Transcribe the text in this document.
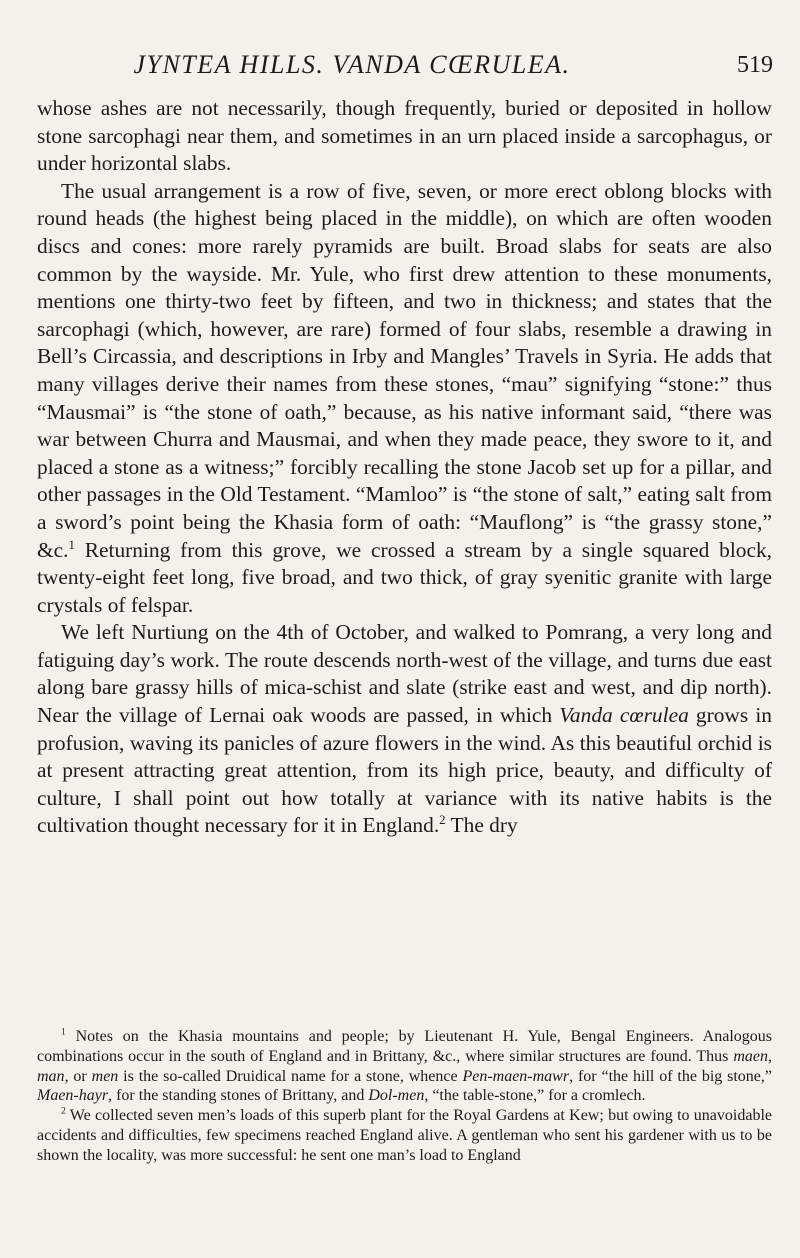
JYNTEA HILLS. VANDA CŒRULEA.	519

whose ashes are not necessarily, though frequently, buried or deposited in hollow stone sarcophagi near them, and sometimes in an urn placed inside a sarcophagus, or under horizontal slabs.

The usual arrangement is a row of five, seven, or more erect oblong blocks with round heads (the highest being placed in the middle), on which are often wooden discs and cones: more rarely pyramids are built. Broad slabs for seats are also common by the wayside. Mr. Yule, who first drew attention to these monuments, mentions one thirty-two feet by fifteen, and two in thickness; and states that the sarcophagi (which, however, are rare) formed of four slabs, resemble a drawing in Bell’s Circassia, and descriptions in Irby and Mangles’ Travels in Syria. He adds that many villages derive their names from these stones, “mau” signifying “stone:” thus “Mausmai” is “the stone of oath,” because, as his native informant said, “there was war between Churra and Mausmai, and when they made peace, they swore to it, and placed a stone as a witness;” forcibly recalling the stone Jacob set up for a pillar, and other passages in the Old Testament. “Mamloo” is “the stone of salt,” eating salt from a sword’s point being the Khasia form of oath: “Mauflong” is “the grassy stone,” &c.$^1$ Returning from this grove, we crossed a stream by a single squared block, twenty-eight feet long, five broad, and two thick, of gray syenitic granite with large crystals of felspar.

We left Nurtiung on the 4th of October, and walked to Pomrang, a very long and fatiguing day’s work. The route descends north-west of the village, and turns due east along bare grassy hills of mica-schist and slate (strike east and west, and dip north). Near the village of Lernai oak woods are passed, in which Vanda cœrulea grows in profusion, waving its panicles of azure flowers in the wind. As this beautiful orchid is at present attracting great attention, from its high price, beauty, and difficulty of culture, I shall point out how totally at variance with its native habits is the cultivation thought necessary for it in England.$^2$ The dry

$^1$ Notes on the Khasia mountains and people; by Lieutenant H. Yule, Bengal Engineers. Analogous combinations occur in the south of England and in Brittany, &c., where similar structures are found. Thus maen, man, or men is the so-called Druidical name for a stone, whence Pen-maen-mawr, for “the hill of the big stone,” Maen-hayr, for the standing stones of Brittany, and Dol-men, “the table-stone,” for a cromlech.

$^2$ We collected seven men’s loads of this superb plant for the Royal Gardens at Kew; but owing to unavoidable accidents and difficulties, few specimens reached England alive. A gentleman who sent his gardener with us to be shown the locality, was more successful: he sent one man’s load to England
